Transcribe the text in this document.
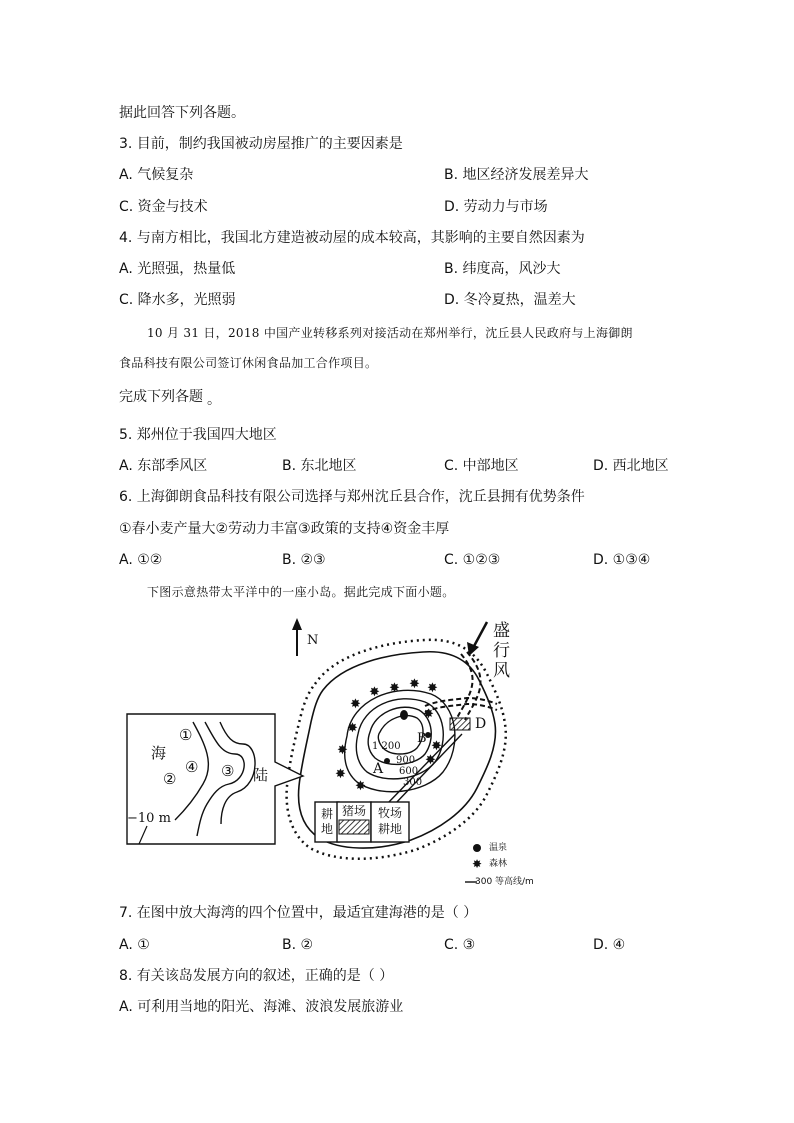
据此回答下列各题。
3. 目前，制约我国被动房屋推广的主要因素是
A. 气候复杂	B. 地区经济发展差异大
C. 资金与技术	D. 劳动力与市场
4. 与南方相比，我国北方建造被动屋的成本较高，其影响的主要自然因素为
A. 光照强，热量低	B. 纬度高，风沙大
C. 降水多，光照弱	D. 冬冷夏热，温差大
10 月 31 日，2018 中国产业转移系列对接活动在郑州举行，沈丘县人民政府与上海御朗
食品科技有限公司签订休闲食品加工合作项目。
完成下列各题 。
5. 郑州位于我国四大地区
A. 东部季风区	B. 东北地区	C. 中部地区	D. 西北地区
6. 上海御朗食品科技有限公司选择与郑州沈丘县合作，沈丘县拥有优势条件
①春小麦产量大②劳动力丰富③政策的支持④资金丰厚
A. ①②	B. ②③	C. ①②③	D. ①③④
下图示意热带太平洋中的一座小岛。据此完成下面小题。
✸
✸ ✸ ✸ ✸
✸
✸
✸
✸
✸
✸
✸
✸
N	盛
行
风
海
陆
−10 m
①
②	③
④
1 200
900
600
300
A
B
D
耕
地
猪场 牧场
耕地
温泉
森林
300 等高线/m
7. 在图中放大海湾的四个位置中，最适宜建海港的是（ ）
A. ①	B. ②	C. ③	D. ④
8. 有关该岛发展方向的叙述，正确的是（ ）
A. 可利用当地的阳光、海滩、波浪发展旅游业
